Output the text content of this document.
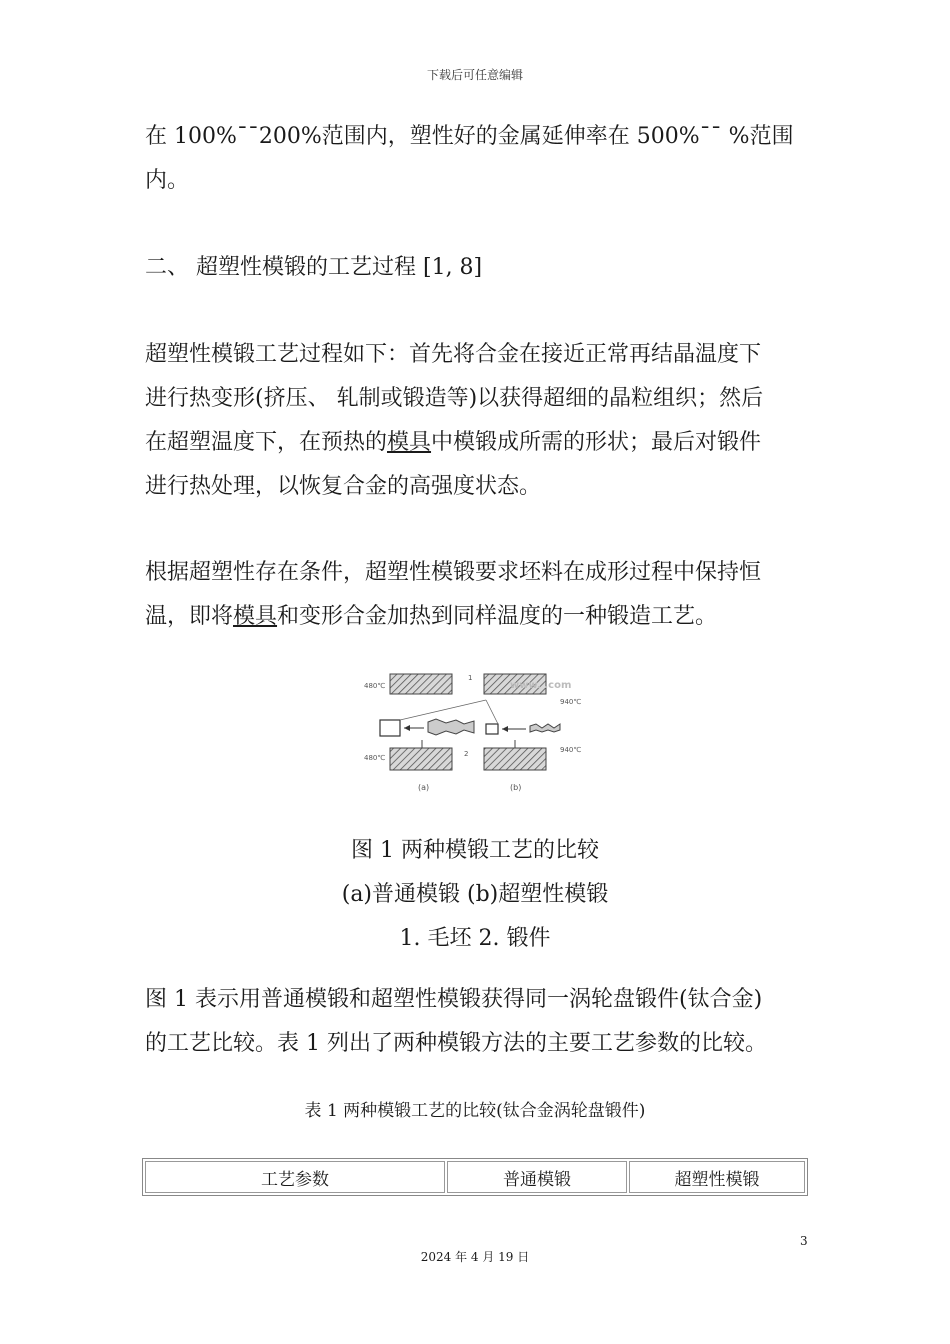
下载后可任意编辑
在 100%¯¯200%范围内，塑性好的金属延伸率在 500%¯¯ %范围内。
二、 超塑性模锻的工艺过程 [1, 8]
超塑性模锻工艺过程如下：首先将合金在接近正常再结晶温度下
进行热变形(挤压、 轧制或锻造等)以获得超细的晶粒组织；然后
在超塑温度下，在预热的模具中模锻成所需的形状；最后对锻件
进行热处理，以恢复合金的高强度状态。
根据超塑性存在条件，超塑性模锻要求坯料在成形过程中保持恒
温，即将模具和变形合金加热到同样温度的一种锻造工艺。
www. .com
480℃
940℃
480℃
940℃
1
2
(a)	(b)
图 1 两种模锻工艺的比较
(a)普通模锻 (b)超塑性模锻
1. 毛坯 2. 锻件
图 1 表示用普通模锻和超塑性模锻获得同一涡轮盘锻件(钛合金)
的工艺比较。表 1 列出了两种模锻方法的主要工艺参数的比较。
表 1 两种模锻工艺的比较(钛合金涡轮盘锻件)
工艺参数	普通模锻	超塑性模锻
3
2024 年 4 月 19 日
